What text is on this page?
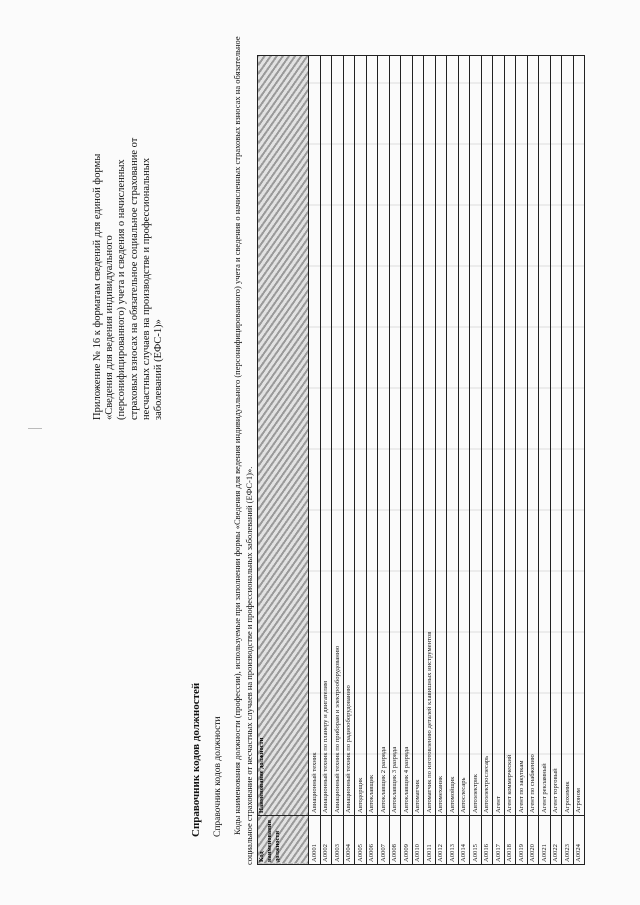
Приложение № 16 к форматам сведений для единой формы «Сведения для ведения индивидуального (персонифицированного) учета и сведения о начисленных страховых взносах на обязательное социальное страхование от несчастных случаев на производстве и профессиональных заболеваний (ЕФС-1)»
Справочник кодов должностей Справочник кодов должности Коды наименования должности (профессии), используемые при заполнении формы «Сведения для ведения индивидуального (персонифицированного) учета и сведения о начисленных страховых взносах на обязательное социальное страхование от несчастных случаев на производстве и профессиональных заболеваний (ЕФС-1)». Код наименования должности	Наименование должности
А0001	Авиационный техник
А0002	Авиационный техник по планеру и двигателям
А0003	Авиационный техник по приборам и электрооборудованию
А0004	Авиационный техник по радиооборудованию
А0005	Автодорщик
А0006	Автоклавщик
А0007	Автоклавщик 2 разряда
А0008	Автоклавщик 3 разряда
А0009	Автоклавщик 4 разряда
А0010	Автоматчик
А0011	Автоматчик по изготовлению деталей клавишных инструментов
А0012	Автомеханик
А0013	Автомойщик
А0014	Автослесарь
А0015	Автоэлектрик
А0016	Автоэлектрослесарь
А0017	Агент
А0018	Агент коммерческий
А0019	Агент по закупкам
А0020	Агент по снабжению
А0021	Агент рекламный
А0022	Агент торговый
А0023	Агрохимик
А0024	Агроном
